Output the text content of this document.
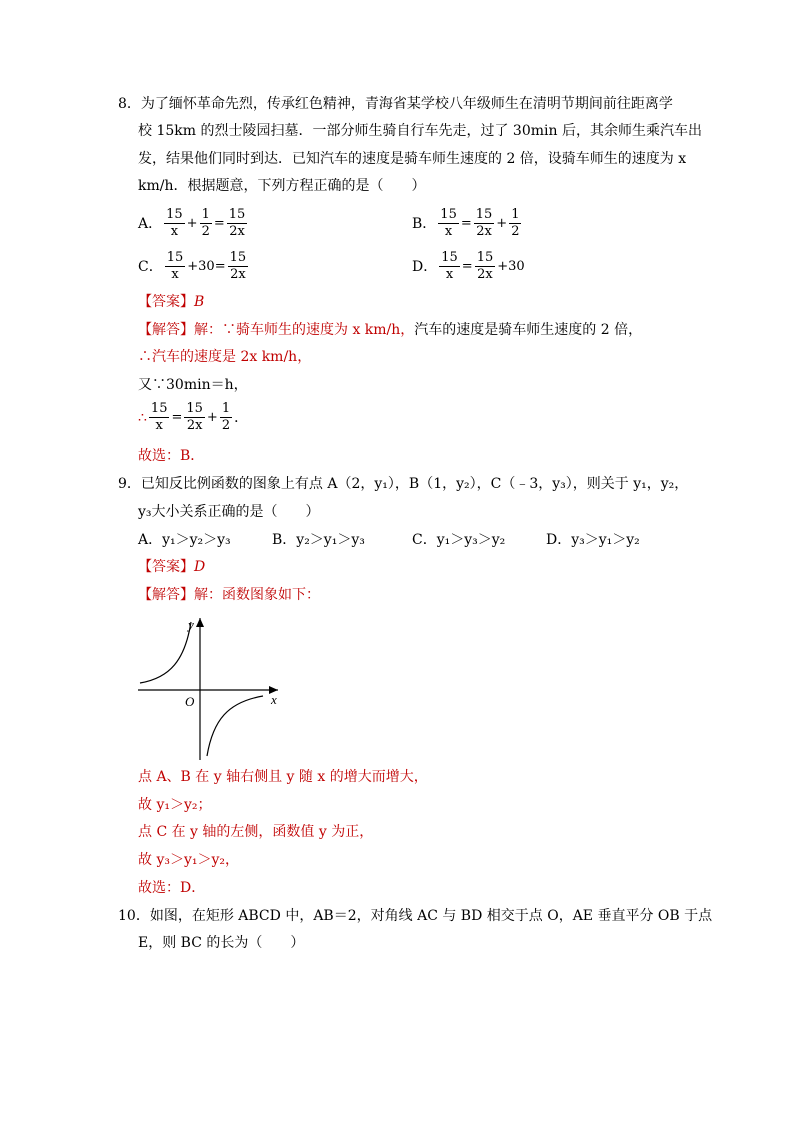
8．为了缅怀革命先烈，传承红色精神，青海省某学校八年级师生在清明节期间前往距离学
校 15km 的烈士陵园扫墓．一部分师生骑自行车先走，过了 30min 后，其余师生乘汽车出
发，结果他们同时到达．已知汽车的速度是骑车师生速度的 2 倍，设骑车师生的速度为 x
km/h．根据题意，下列方程正确的是（　　）
A． $\frac{15}{x} + \frac{1}{2} = \frac{15}{2x}$	B． $\frac{15}{x} = \frac{15}{2x} + \frac{1}{2}$
C． $\frac{15}{x} +30= \frac{15}{2x}$	D． $\frac{15}{x} = \frac{15}{2x} +30$
【答案】B
【解答】解：∵骑车师生的速度为 x km/h，汽车的速度是骑车师生速度的 2 倍，
∴汽车的速度是 2x km/h，
又∵30min＝h，
∴ $\frac{15}{x} = \frac{15}{2x} + \frac{1}{2}$ ．
故选：B．
9．已知反比例函数的图象上有点 A（2，y₁），B（1，y₂），C（﹣3，y₃），则关于 y₁，y₂，
y₃大小关系正确的是（　　）
A．y₁＞y₂＞y₃	B．y₂＞y₁＞y₃	C．y₁＞y₃＞y₂	D．y₃＞y₁＞y₂
【答案】D
【解答】解：函数图象如下：
y
x
O
点 A、B 在 y 轴右侧且 y 随 x 的增大而增大，
故 y₁＞y₂；
点 C 在 y 轴的左侧，函数值 y 为正，
故 y₃＞y₁＞y₂，
故选：D．
10．如图，在矩形 ABCD 中，AB＝2，对角线 AC 与 BD 相交于点 O，AE 垂直平分 OB 于点
E，则 BC 的长为（　　）
